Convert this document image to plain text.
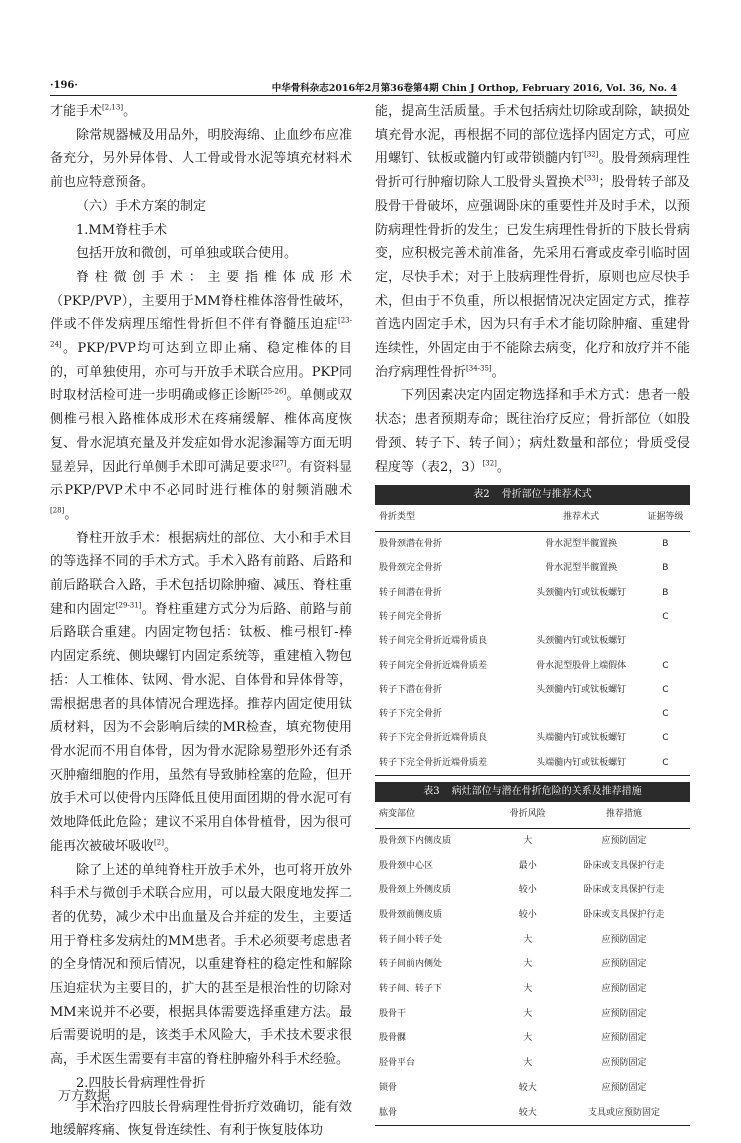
·196·	中华骨科杂志2016年2月第36卷第4期 Chin J Orthop, February 2016, Vol. 36, No. 4

才能手术[2,13]。

除常规器械及用品外，明胶海绵、止血纱布应准备充分，另外异体骨、人工骨或骨水泥等填充材料术前也应特意预备。

（六）手术方案的制定

1.MM脊柱手术

包括开放和微创，可单独或联合使用。

脊柱微创手术：主要指椎体成形术（PKP/PVP），主要用于MM脊柱椎体溶骨性破坏，伴或不伴发病理压缩性骨折但不伴有脊髓压迫症[23-24]。PKP/PVP均可达到立即止痛、稳定椎体的目的，可单独使用，亦可与开放手术联合应用。PKP同时取材活检可进一步明确或修正诊断[25-26]。单侧或双侧椎弓根入路椎体成形术在疼痛缓解、椎体高度恢复、骨水泥填充量及并发症如骨水泥渗漏等方面无明显差异，因此行单侧手术即可满足要求[27]。有资料显示PKP/PVP术中不必同时进行椎体的射频消融术[28]。

脊柱开放手术：根据病灶的部位、大小和手术目的等选择不同的手术方式。手术入路有前路、后路和前后路联合入路，手术包括切除肿瘤、减压、脊柱重建和内固定[29-31]。脊柱重建方式分为后路、前路与前后路联合重建。内固定物包括：钛板、椎弓根钉-棒内固定系统、侧块螺钉内固定系统等，重建植入物包括：人工椎体、钛网、骨水泥、自体骨和异体骨等，需根据患者的具体情况合理选择。推荐内固定使用钛质材料，因为不会影响后续的MR检查，填充物使用骨水泥而不用自体骨，因为骨水泥除易塑形外还有杀灭肿瘤细胞的作用，虽然有导致肺栓塞的危险，但开放手术可以使骨内压降低且使用面团期的骨水泥可有效地降低此危险；建议不采用自体骨植骨，因为很可能再次被破坏吸收[2]。

除了上述的单纯脊柱开放手术外，也可将开放外科手术与微创手术联合应用，可以最大限度地发挥二者的优势，减少术中出血量及合并症的发生，主要适用于脊柱多发病灶的MM患者。手术必须要考虑患者的全身情况和预后情况，以重建脊柱的稳定性和解除压迫症状为主要目的，扩大的甚至是根治性的切除对MM来说并不必要，根据具体需要选择重建方法。最后需要说明的是，该类手术风险大，手术技术要求很高，手术医生需要有丰富的脊柱肿瘤外科手术经验。

2.四肢长骨病理性骨折

手术治疗四肢长骨病理性骨折疗效确切，能有效地缓解疼痛、恢复骨连续性、有利于恢复肢体功

能，提高生活质量。手术包括病灶切除或刮除，缺损处填充骨水泥，再根据不同的部位选择内固定方式，可应用螺钉、钛板或髓内钉或带锁髓内钉[32]。股骨颈病理性骨折可行肿瘤切除人工股骨头置换术[33]；股骨转子部及股骨干骨破坏，应强调卧床的重要性并及时手术，以预防病理性骨折的发生；已发生病理性骨折的下肢长骨病变，应积极完善术前准备，先采用石膏或皮牵引临时固定，尽快手术；对于上肢病理性骨折，原则也应尽快手术，但由于不负重，所以根据情况决定固定方式，推荐首选内固定手术，因为只有手术才能切除肿瘤、重建骨连续性，外固定由于不能除去病变，化疗和放疗并不能治疗病理性骨折[34-35]。

下列因素决定内固定物选择和手术方式：患者一般状态；患者预期寿命；既往治疗反应；骨折部位（如股骨颈、转子下、转子间）；病灶数量和部位；骨质受侵程度等（表2，3）[32]。

表2 骨折部位与推荐术式
骨折类型	推荐术式	证据等级
股骨颈潜在骨折	骨水泥型半髋置换	B
股骨颈完全骨折	骨水泥型半髋置换	B
转子间潜在骨折	头颈髓内钉或钛板螺钉	B
转子间完全骨折		C
转子间完全骨折近端骨质良	头颈髓内钉或钛板螺钉	
转子间完全骨折近端骨质差	骨水泥型股骨上端假体	C
转子下潜在骨折	头颈髓内钉或钛板螺钉	C
转子下完全骨折		C
转子下完全骨折近端骨质良	头端髓内钉或钛板螺钉	C
转子下完全骨折近端骨质差	头端髓内钉或钛板螺钉	C
表3 病灶部位与潜在骨折危险的关系及推荐措施
病变部位	骨折风险	推荐措施
股骨颈下内侧皮质	大	应预防固定
股骨颈中心区	最小	卧床或支具保护行走
股骨颈上外侧皮质	较小	卧床或支具保护行走
股骨颈前侧皮质	较小	卧床或支具保护行走
转子间小转子处	大	应预防固定
转子间前内侧处	大	应预防固定
转子间、转子下	大	应预防固定
股骨干	大	应预防固定
股骨髁	大	应预防固定
胫骨平台	大	应预防固定
锁骨	较大	应预防固定
肱骨	较大	支具或应预防固定
万方数据
